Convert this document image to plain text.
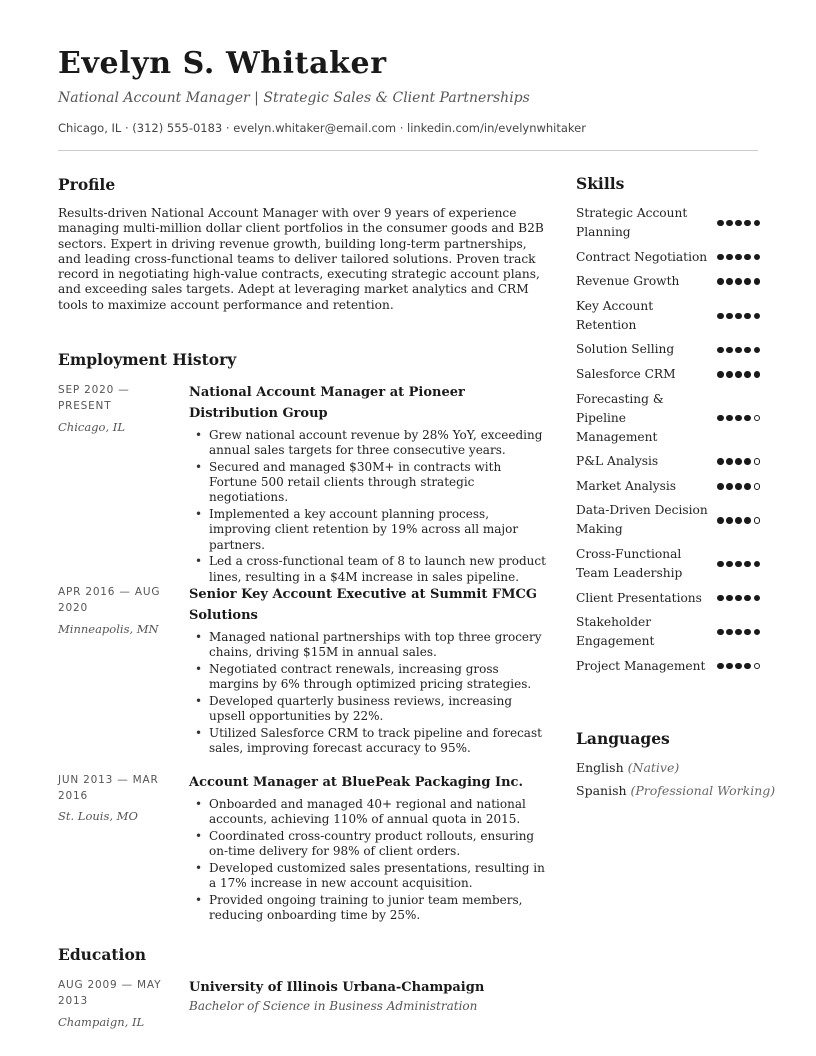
Evelyn S. Whitaker
National Account Manager | Strategic Sales & Client Partnerships
Chicago, IL · (312) 555-0183 · evelyn.whitaker@email.com · linkedin.com/in/evelynwhitaker
Profile
Results-driven National Account Manager with over 9 years of experience managing multi-million dollar client portfolios in the consumer goods and B2B sectors. Expert in driving revenue growth, building long-term partnerships, and leading cross-functional teams to deliver tailored solutions. Proven track record in negotiating high-value contracts, executing strategic account plans, and exceeding sales targets. Adept at leveraging market analytics and CRM tools to maximize account performance and retention.
Employment History
SEP 2020 — PRESENT
Chicago, IL
National Account Manager at Pioneer Distribution Group
• Grew national account revenue by 28% YoY, exceeding annual sales targets for three consecutive years.
• Secured and managed $30M+ in contracts with Fortune 500 retail clients through strategic negotiations.
• Implemented a key account planning process, improving client retention by 19% across all major partners.
• Led a cross-functional team of 8 to launch new product lines, resulting in a $4M increase in sales pipeline.
APR 2016 — AUG 2020
Minneapolis, MN
Senior Key Account Executive at Summit FMCG Solutions
• Managed national partnerships with top three grocery chains, driving $15M in annual sales.
• Negotiated contract renewals, increasing gross margins by 6% through optimized pricing strategies.
• Developed quarterly business reviews, increasing upsell opportunities by 22%.
• Utilized Salesforce CRM to track pipeline and forecast sales, improving forecast accuracy to 95%.
JUN 2013 — MAR 2016
St. Louis, MO
Account Manager at BluePeak Packaging Inc.
• Onboarded and managed 40+ regional and national accounts, achieving 110% of annual quota in 2015.
• Coordinated cross-country product rollouts, ensuring on-time delivery for 98% of client orders.
• Developed customized sales presentations, resulting in a 17% increase in new account acquisition.
• Provided ongoing training to junior team members, reducing onboarding time by 25%.
Education
AUG 2009 — MAY 2013
Champaign, IL
University of Illinois Urbana-Champaign
Bachelor of Science in Business Administration
Skills
Strategic Account Planning
Contract Negotiation
Revenue Growth
Key Account Retention
Solution Selling
Salesforce CRM
Forecasting & Pipeline Management
P&L Analysis
Market Analysis
Data-Driven Decision Making
Cross-Functional Team Leadership
Client Presentations
Stakeholder Engagement
Project Management
Languages
English (Native)
Spanish (Professional Working)
